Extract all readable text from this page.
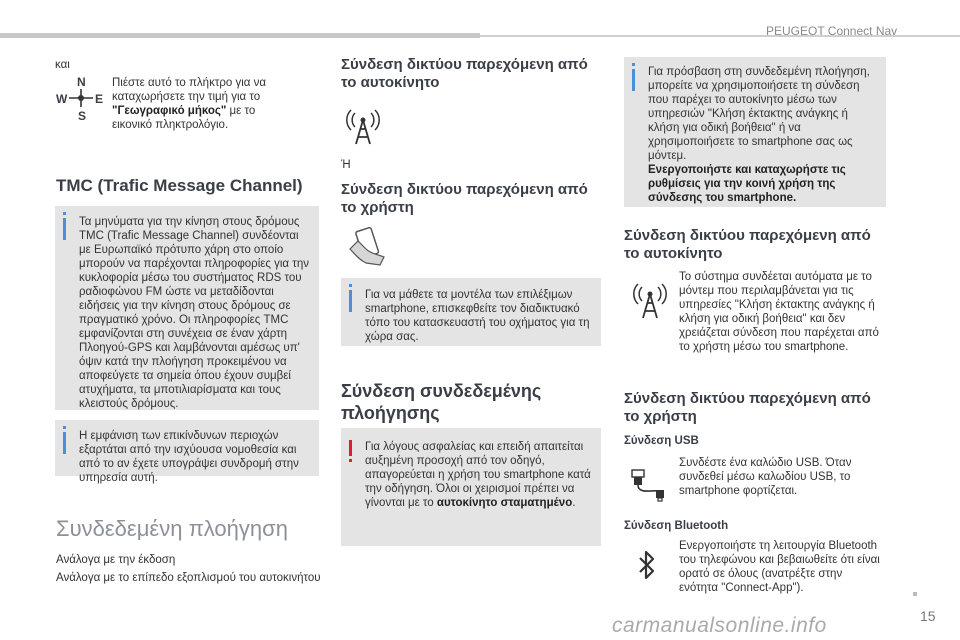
PEUGEOT Connect Nav
και
N
W E
S
Πιέστε αυτό το πλήκτρο για να καταχωρήσετε την τιμή για το "Γεωγραφικό μήκος" με το εικονικό πληκτρολόγιο.
TMC (Trafic Message Channel)

Τα μηνύματα για την κίνηση στους δρόμους TMC (Trafic Message Channel) συνδέονται με Ευρωπαϊκό πρότυπο χάρη στο οποίο μπορούν να παρέχονται πληροφορίες για την κυκλοφορία μέσω του συστήματος RDS του ραδιοφώνου FM ώστε να μεταδίδονται ειδήσεις για την κίνηση στους δρόμους σε πραγματικό χρόνο. Οι πληροφορίες TMC εμφανίζονται στη συνέχεια σε έναν χάρτη Πλοηγού-GPS και λαμβάνονται αμέσως υπ' όψιν κατά την πλοήγηση προκειμένου να αποφεύγετε τα σημεία όπου έχουν συμβεί ατυχήματα, τα μποτιλιαρίσματα και τους κλειστούς δρόμους.

Η εμφάνιση των επικίνδυνων περιοχών εξαρτάται από την ισχύουσα νομοθεσία και από το αν έχετε υπογράψει συνδρομή στην υπηρεσία αυτή.

Συνδεδεμένη πλοήγηση
Ανάλογα με την έκδοση
Ανάλογα με το επίπεδο εξοπλισμού του αυτοκινήτου
Σύνδεση δικτύου παρεχόμενη από το αυτοκίνητο
Ή
Σύνδεση δικτύου παρεχόμενη από το χρήστη

Για να μάθετε τα μοντέλα των επιλέξιμων smartphone, επισκεφθείτε τον διαδικτυακό τόπο του κατασκευαστή του οχήματος για τη χώρα σας.

Σύνδεση συνδεδεμένης πλοήγησης

Για λόγους ασφαλείας και επειδή απαιτείται αυξημένη προσοχή από τον οδηγό, απαγορεύεται η χρήση του smartphone κατά την οδήγηση. Όλοι οι χειρισμοί πρέπει να γίνονται με το αυτοκίνητο σταματημένο.

Για πρόσβαση στη συνδεδεμένη πλοήγηση, μπορείτε να χρησιμοποιήσετε τη σύνδεση που παρέχει το αυτοκίνητο μέσω των υπηρεσιών "Κλήση έκτακτης ανάγκης ή κλήση για οδική βοήθεια" ή να χρησιμοποιήσετε το smartphone σας ως μόντεμ.
Ενεργοποιήστε και καταχωρήστε τις ρυθμίσεις για την κοινή χρήση της σύνδεσης του smartphone.

Σύνδεση δικτύου παρεχόμενη από το αυτοκίνητο
Το σύστημα συνδέεται αυτόματα με το μόντεμ που περιλαμβάνεται για τις υπηρεσίες "Κλήση έκτακτης ανάγκης ή κλήση για οδική βοήθεια" και δεν χρειάζεται σύνδεση που παρέχεται από το χρήστη μέσω του smartphone.
Σύνδεση δικτύου παρεχόμενη από το χρήστη
Σύνδεση USB
Συνδέστε ένα καλώδιο USB. Όταν συνδεθεί μέσω καλωδίου USB, το smartphone φορτίζεται.
Σύνδεση Bluetooth
Ενεργοποιήστε τη λειτουργία Bluetooth του τηλεφώνου και βεβαιωθείτε ότι είναι ορατό σε όλους (ανατρέξτε στην ενότητα "Connect-App").
15
carmanualsonline.info
